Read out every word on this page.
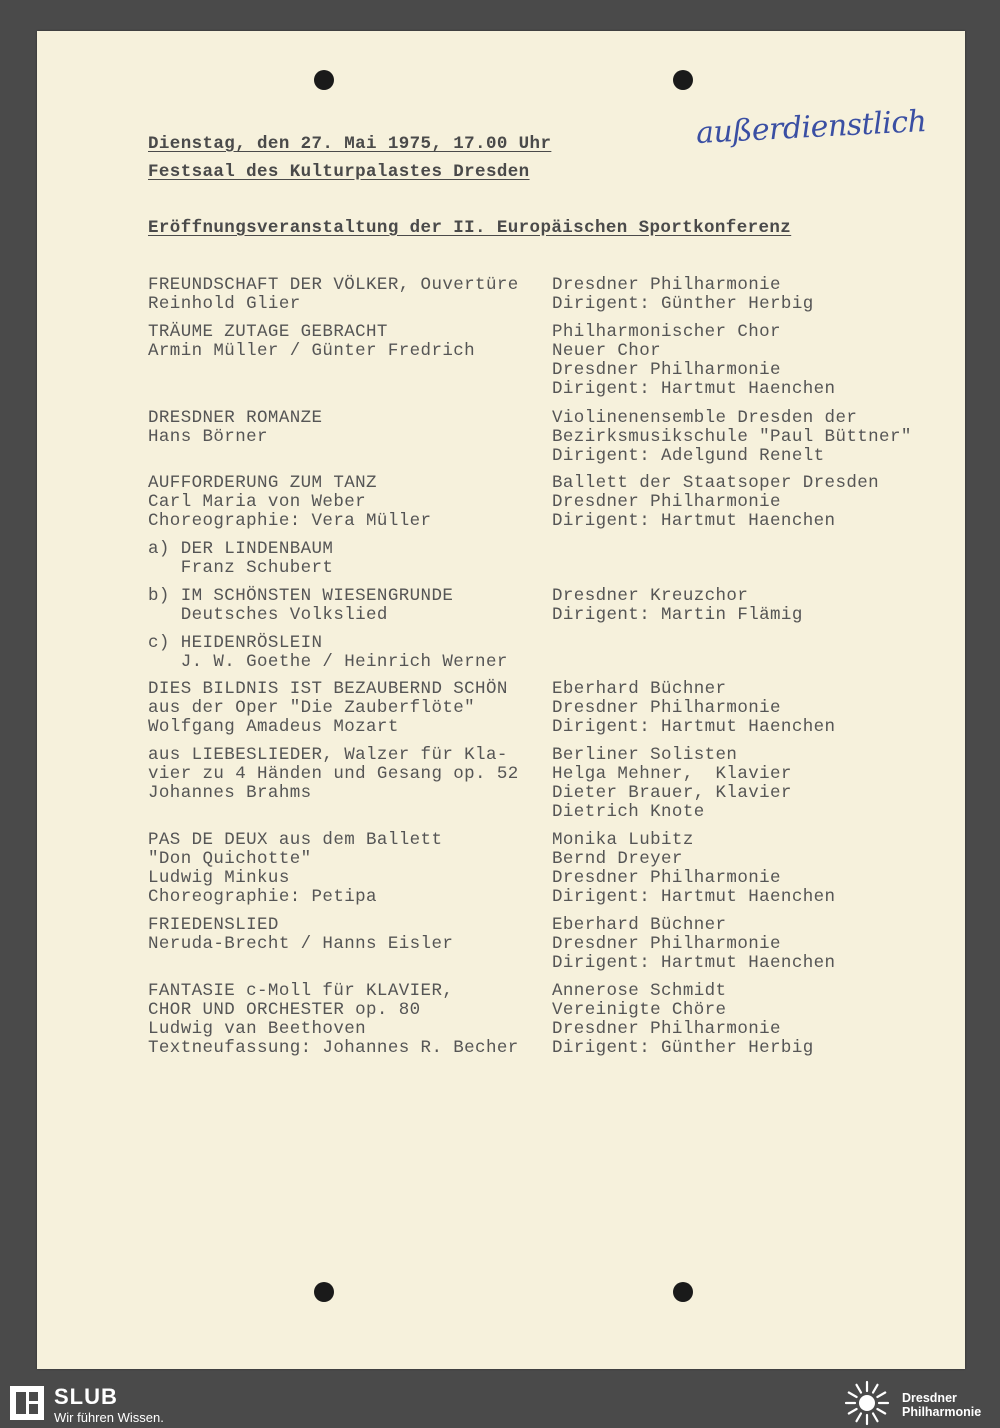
Dienstag, den 27. Mai 1975, 17.00 Uhr
Festsaal des Kulturpalastes Dresden
Eröffnungsveranstaltung der II. Europäischen Sportkonferenz
außerdienstlich
FREUNDSCHAFT DER VÖLKER, Ouvertüre
Reinhold Glier
Dresdner Philharmonie
Dirigent: Günther Herbig
TRÄUME ZUTAGE GEBRACHT
Armin Müller / Günter Fredrich
Philharmonischer Chor
Neuer Chor
Dresdner Philharmonie
Dirigent: Hartmut Haenchen
DRESDNER ROMANZE
Hans Börner
Violinenensemble Dresden der
Bezirksmusikschule "Paul Büttner"
Dirigent: Adelgund Renelt
AUFFORDERUNG ZUM TANZ
Carl Maria von Weber
Choreographie: Vera Müller
Ballett der Staatsoper Dresden
Dresdner Philharmonie
Dirigent: Hartmut Haenchen
a) DER LINDENBAUM
Franz Schubert
b) IM SCHÖNSTEN WIESENGRUNDE
Deutsches Volkslied
Dresdner Kreuzchor
Dirigent: Martin Flämig
c) HEIDENRÖSLEIN
J. W. Goethe / Heinrich Werner
DIES BILDNIS IST BEZAUBERND SCHÖN
aus der Oper "Die Zauberflöte"
Wolfgang Amadeus Mozart
Eberhard Büchner
Dresdner Philharmonie
Dirigent: Hartmut Haenchen
aus LIEBESLIEDER, Walzer für Kla-
vier zu 4 Händen und Gesang op. 52
Johannes Brahms
Berliner Solisten
Helga Mehner,  Klavier
Dieter Brauer, Klavier
Dietrich Knote
PAS DE DEUX aus dem Ballett
"Don Quichotte"
Ludwig Minkus
Choreographie: Petipa
Monika Lubitz
Bernd Dreyer
Dresdner Philharmonie
Dirigent: Hartmut Haenchen
FRIEDENSLIED
Neruda-Brecht / Hanns Eisler
Eberhard Büchner
Dresdner Philharmonie
Dirigent: Hartmut Haenchen
FANTASIE c-Moll für KLAVIER,
CHOR UND ORCHESTER op. 80
Ludwig van Beethoven
Textneufassung: Johannes R. Becher
Annerose Schmidt
Vereinigte Chöre
Dresdner Philharmonie
Dirigent: Günther Herbig
SLUB
Wir führen Wissen.
Dresdner
Philharmonie
